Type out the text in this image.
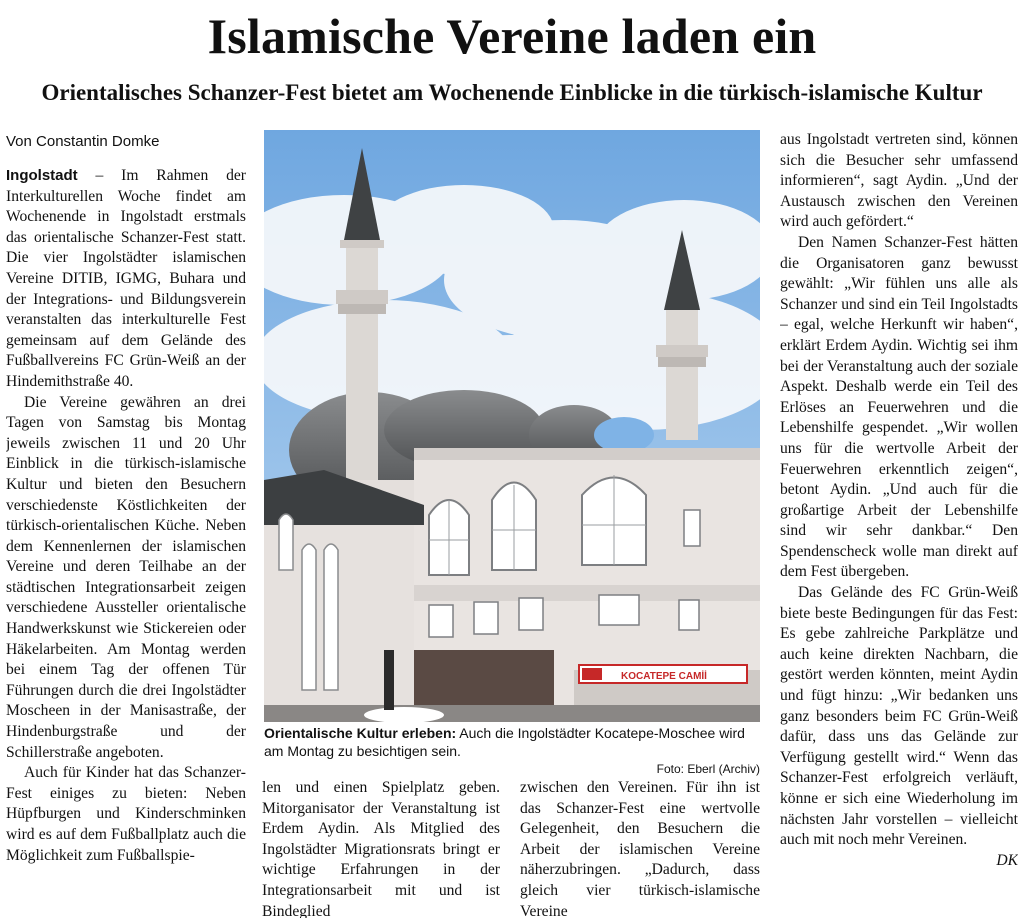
Islamische Vereine laden ein
Orientalisches Schanzer-Fest bietet am Wochenende Einblicke in die türkisch-islamische Kultur
Von Constantin Domke

Ingolstadt – Im Rahmen der Interkulturellen Woche findet am Wochenende in Ingolstadt erstmals das orientalische Schanzer-Fest statt. Die vier Ingolstädter islamischen Vereine DITIB, IGMG, Buhara und der Integrations- und Bildungsverein veranstalten das interkulturelle Fest gemeinsam auf dem Gelände des Fußballvereins FC Grün-Weiß an der Hindemithstraße 40.

Die Vereine gewähren an drei Tagen von Samstag bis Montag jeweils zwischen 11 und 20 Uhr Einblick in die türkisch-islamische Kultur und bieten den Besuchern verschiedenste Köstlichkeiten der türkisch-orientalischen Küche. Neben dem Kennenlernen der islamischen Vereine und deren Teilhabe an der städtischen Integrationsarbeit zeigen verschiedene Aussteller orientalische Handwerkskunst wie Stickereien oder Häkelarbeiten. Am Montag werden bei einem Tag der offenen Tür Führungen durch die drei Ingolstädter Moscheen in der Manisastraße, der Hindenburgstraße und der Schillerstraße angeboten.

Auch für Kinder hat das Schanzer-Fest einiges zu bieten: Neben Hüpfburgen und Kinderschminken wird es auf dem Fußballplatz auch die Möglichkeit zum Fußballspie-

KOCATEPE CAMİİ
Orientalische Kultur erleben: Auch die Ingolstädter Kocatepe-Moschee wird am Montag zu besichtigen sein.
Foto: Eberl (Archiv)

len und einen Spielplatz geben. Mitorganisator der Veranstaltung ist Erdem Aydin. Als Mitglied des Ingolstädter Migrationsrats bringt er wichtige Erfahrungen in der Integrationsarbeit mit und ist Bindeglied

zwischen den Vereinen. Für ihn ist das Schanzer-Fest eine wertvolle Gelegenheit, den Besuchern die Arbeit der islamischen Vereine näherzubringen. „Dadurch, dass gleich vier türkisch-islamische Vereine

aus Ingolstadt vertreten sind, können sich die Besucher sehr umfassend informieren“, sagt Aydin. „Und der Austausch zwischen den Vereinen wird auch gefördert.“

Den Namen Schanzer-Fest hätten die Organisatoren ganz bewusst gewählt: „Wir fühlen uns alle als Schanzer und sind ein Teil Ingolstadts – egal, welche Herkunft wir haben“, erklärt Erdem Aydin. Wichtig sei ihm bei der Veranstaltung auch der soziale Aspekt. Deshalb werde ein Teil des Erlöses an Feuerwehren und die Lebenshilfe gespendet. „Wir wollen uns für die wertvolle Arbeit der Feuerwehren erkenntlich zeigen“, betont Aydin. „Und auch für die großartige Arbeit der Lebenshilfe sind wir sehr dankbar.“ Den Spendenscheck wolle man direkt auf dem Fest übergeben.

Das Gelände des FC Grün-Weiß biete beste Bedingungen für das Fest: Es gebe zahlreiche Parkplätze und auch keine direkten Nachbarn, die gestört werden könnten, meint Aydin und fügt hinzu: „Wir bedanken uns ganz besonders beim FC Grün-Weiß dafür, dass uns das Gelände zur Verfügung gestellt wird.“ Wenn das Schanzer-Fest erfolgreich verläuft, könne er sich eine Wiederholung im nächsten Jahr vorstellen – vielleicht auch mit noch mehr Vereinen.
DK
